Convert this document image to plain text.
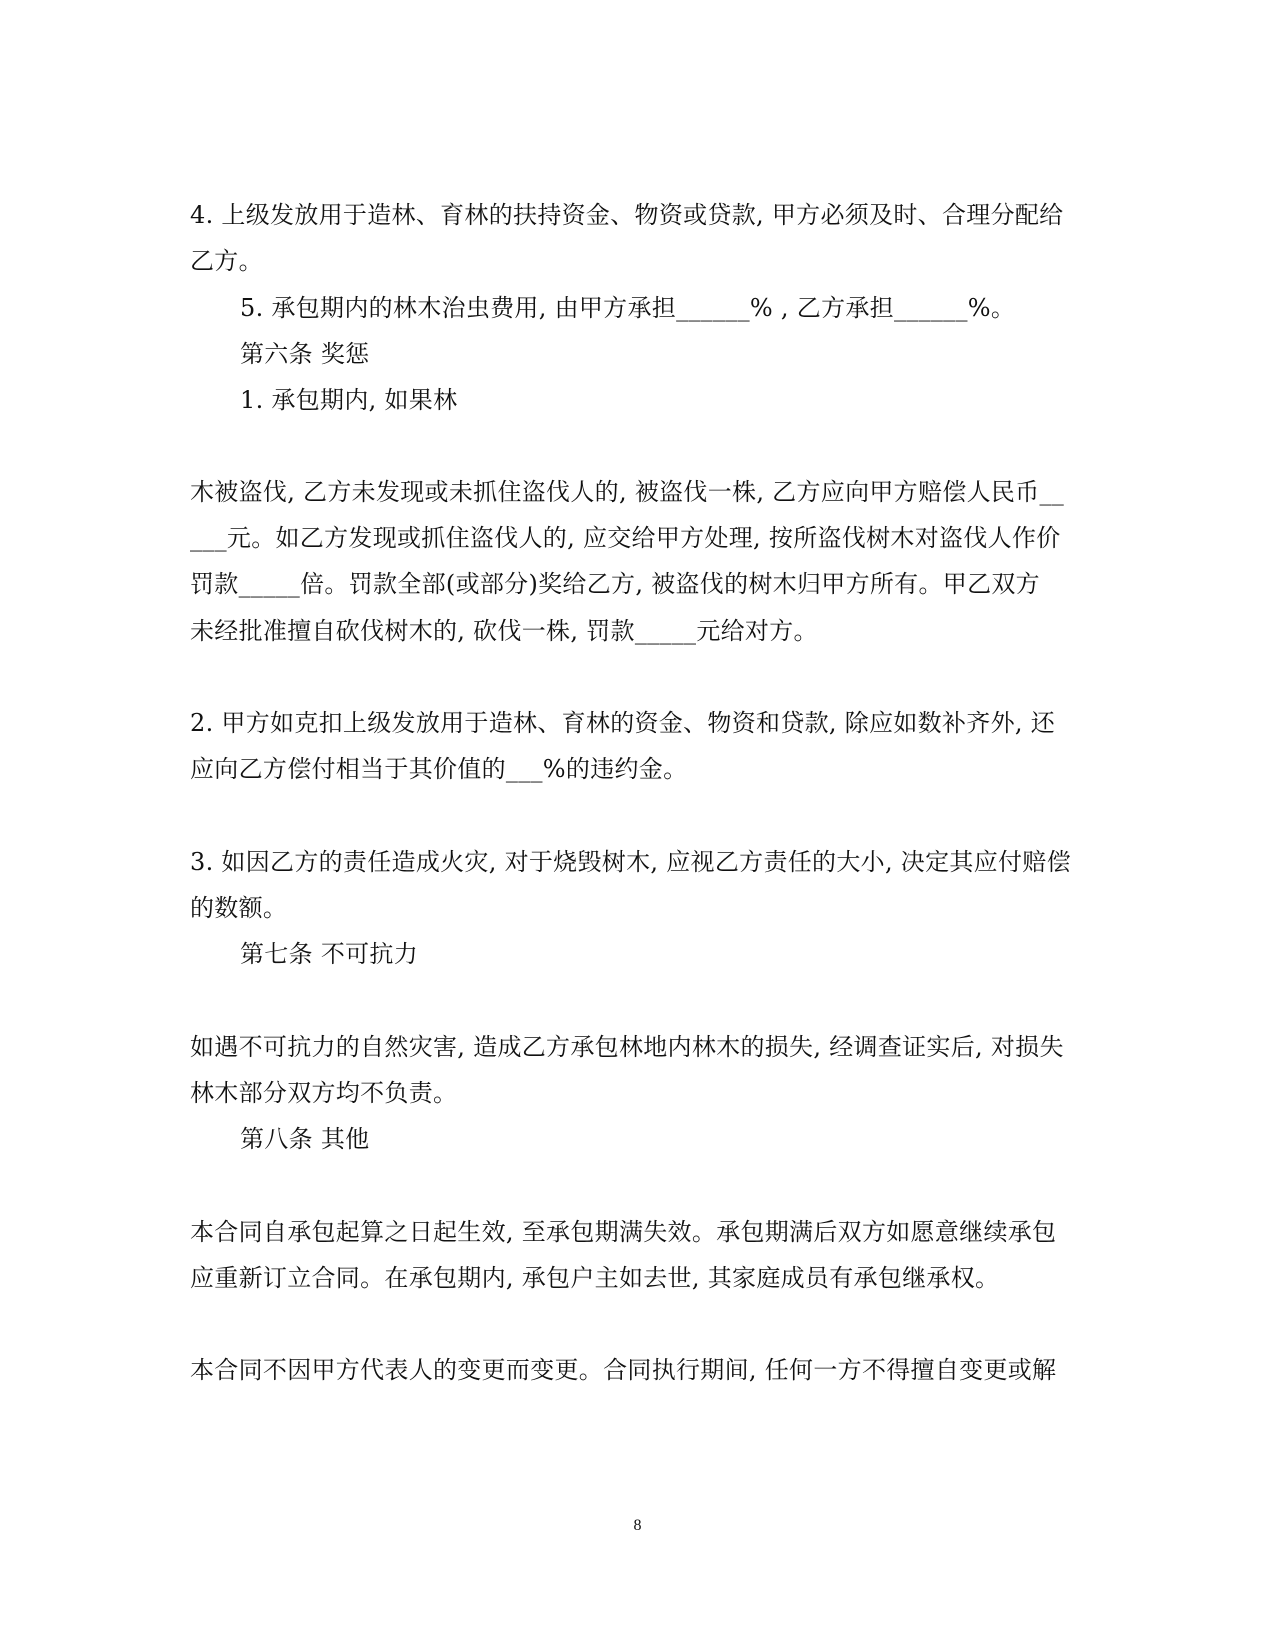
4. 上级发放用于造林、育林的扶持资金、物资或贷款, 甲方必须及时、合理分配给
乙方。
5. 承包期内的林木治虫费用, 由甲方承担______% , 乙方承担______%。
第六条 奖惩
1. 承包期内, 如果林
木被盗伐, 乙方未发现或未抓住盗伐人的, 被盗伐一株, 乙方应向甲方赔偿人民币__
___元。如乙方发现或抓住盗伐人的, 应交给甲方处理, 按所盗伐树木对盗伐人作价
罚款_____倍。罚款全部(或部分)奖给乙方, 被盗伐的树木归甲方所有。甲乙双方
未经批准擅自砍伐树木的, 砍伐一株, 罚款_____元给对方。
2. 甲方如克扣上级发放用于造林、育林的资金、物资和贷款, 除应如数补齐外, 还
应向乙方偿付相当于其价值的___%的违约金。
3. 如因乙方的责任造成火灾, 对于烧毁树木, 应视乙方责任的大小, 决定其应付赔偿
的数额。
第七条 不可抗力
如遇不可抗力的自然灾害, 造成乙方承包林地内林木的损失, 经调查证实后, 对损失
林木部分双方均不负责。
第八条 其他
本合同自承包起算之日起生效, 至承包期满失效。承包期满后双方如愿意继续承包
应重新订立合同。在承包期内, 承包户主如去世, 其家庭成员有承包继承权。
本合同不因甲方代表人的变更而变更。合同执行期间, 任何一方不得擅自变更或解
8
